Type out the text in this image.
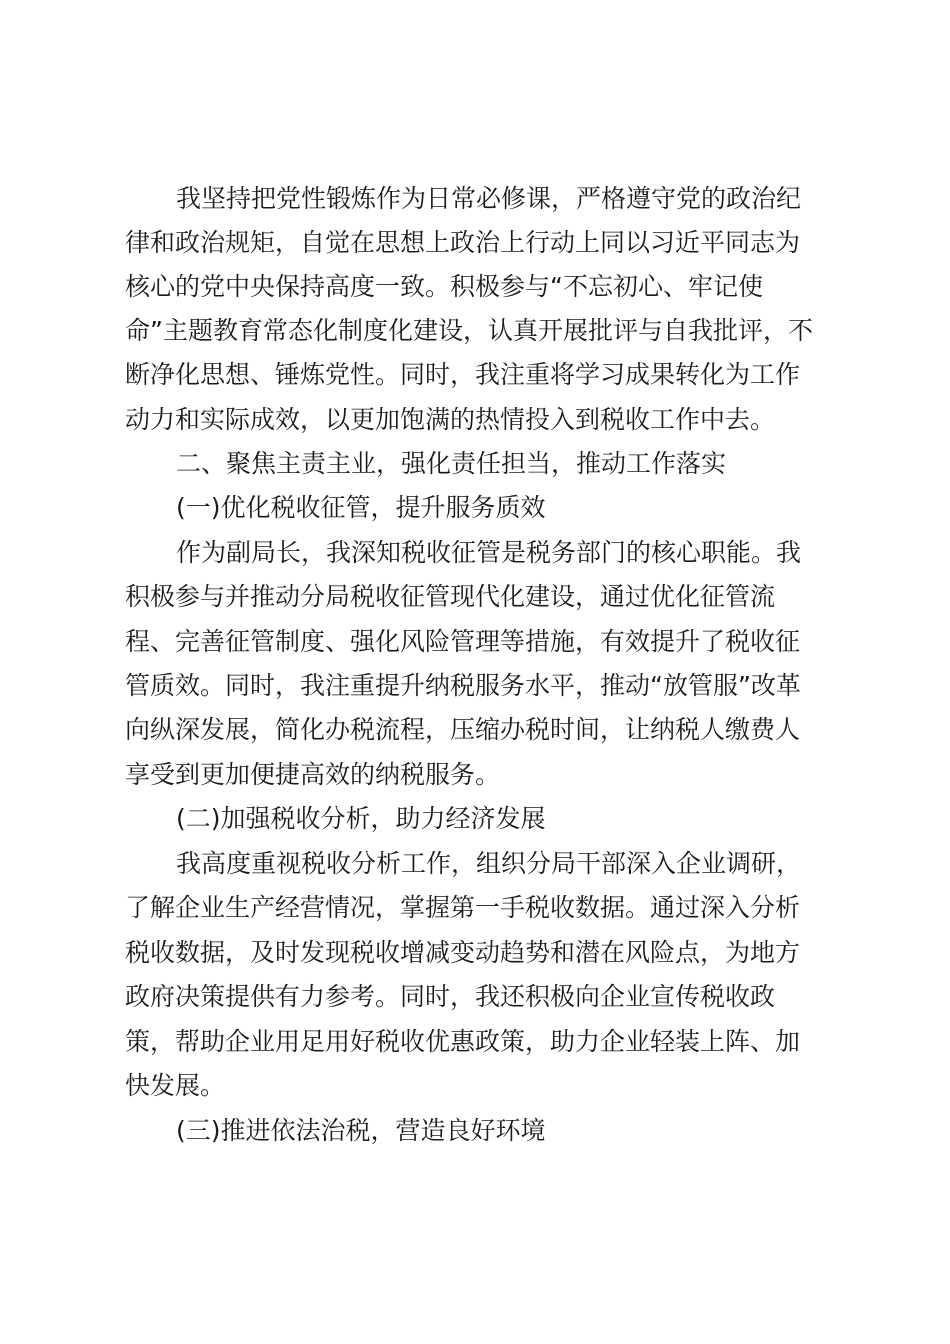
我坚持把党性锻炼作为日常必修课，严格遵守党的政治纪
律和政治规矩，自觉在思想上政治上行动上同以习近平同志为
核心的党中央保持高度一致。积极参与“不忘初心、牢记使
命”主题教育常态化制度化建设，认真开展批评与自我批评，不
断净化思想、锤炼党性。同时，我注重将学习成果转化为工作
动力和实际成效，以更加饱满的热情投入到税收工作中去。
二、聚焦主责主业，强化责任担当，推动工作落实
(一)优化税收征管，提升服务质效
作为副局长，我深知税收征管是税务部门的核心职能。我
积极参与并推动分局税收征管现代化建设，通过优化征管流
程、完善征管制度、强化风险管理等措施，有效提升了税收征
管质效。同时，我注重提升纳税服务水平，推动“放管服”改革
向纵深发展，简化办税流程，压缩办税时间，让纳税人缴费人
享受到更加便捷高效的纳税服务。
(二)加强税收分析，助力经济发展
我高度重视税收分析工作，组织分局干部深入企业调研，
了解企业生产经营情况，掌握第一手税收数据。通过深入分析
税收数据，及时发现税收增减变动趋势和潜在风险点，为地方
政府决策提供有力参考。同时，我还积极向企业宣传税收政
策，帮助企业用足用好税收优惠政策，助力企业轻装上阵、加
快发展。
(三)推进依法治税，营造良好环境
